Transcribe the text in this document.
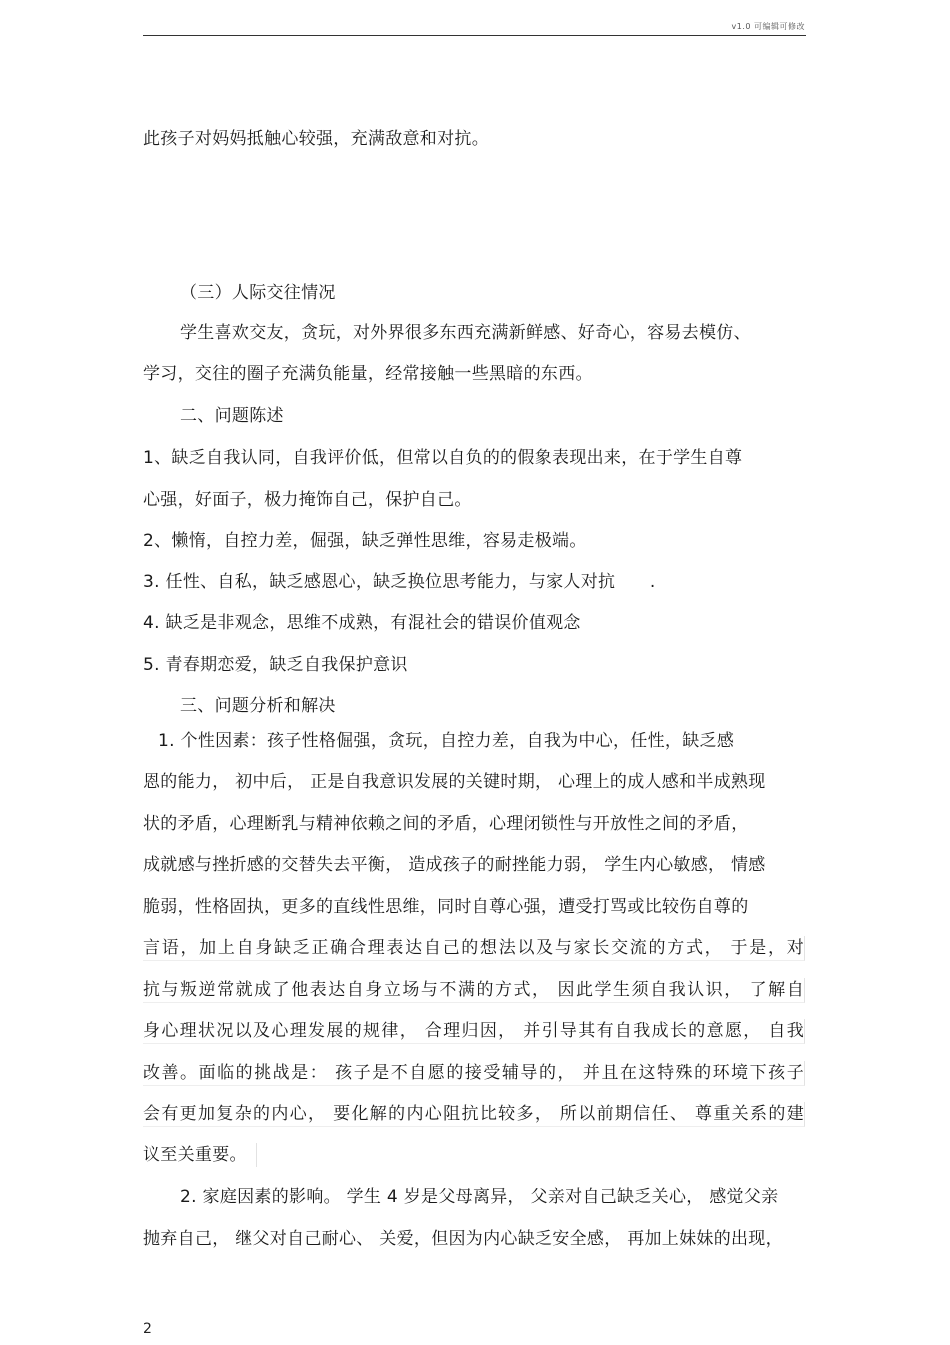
v1.0 可编辑可修改
此孩子对妈妈抵触心较强，充满敌意和对抗。
（三）人际交往情况
学生喜欢交友，贪玩，对外界很多东西充满新鲜感、好奇心，容易去模仿、
学习，交往的圈子充满负能量，经常接触一些黑暗的东西。
二、问题陈述
1、缺乏自我认同，自我评价低，但常以自负的的假象表现出来，在于学生自尊
心强，好面子，极力掩饰自己，保护自己。
2、懒惰，自控力差，倔强，缺乏弹性思维，容易走极端。
3. 任性、自私，缺乏感恩心，缺乏换位思考能力，与家人对抗　　.
4. 缺乏是非观念，思维不成熟，有混社会的错误价值观念
5. 青春期恋爱，缺乏自我保护意识
三、问题分析和解决
1. 个性因素：孩子性格倔强，贪玩，自控力差，自我为中心，任性，缺乏感
恩的能力， 初中后， 正是自我意识发展的关键时期， 心理上的成人感和半成熟现
状的矛盾，心理断乳与精神依赖之间的矛盾，心理闭锁性与开放性之间的矛盾，
成就感与挫折感的交替失去平衡， 造成孩子的耐挫能力弱， 学生内心敏感， 情感
脆弱，性格固执，更多的直线性思维，同时自尊心强，遭受打骂或比较伤自尊的
言语，加上自身缺乏正确合理表达自己的想法以及与家长交流的方式， 于是，对
抗与叛逆常就成了他表达自身立场与不满的方式， 因此学生须自我认识， 了解自
身心理状况以及心理发展的规律， 合理归因， 并引导其有自我成长的意愿， 自我
改善。面临的挑战是： 孩子是不自愿的接受辅导的， 并且在这特殊的环境下孩子
会有更加复杂的内心， 要化解的内心阻抗比较多， 所以前期信任、 尊重关系的建
议至关重要。
2. 家庭因素的影响。 学生 4 岁是父母离异， 父亲对自己缺乏关心， 感觉父亲
抛弃自己， 继父对自己耐心、 关爱，但因为内心缺乏安全感， 再加上妹妹的出现，
2
